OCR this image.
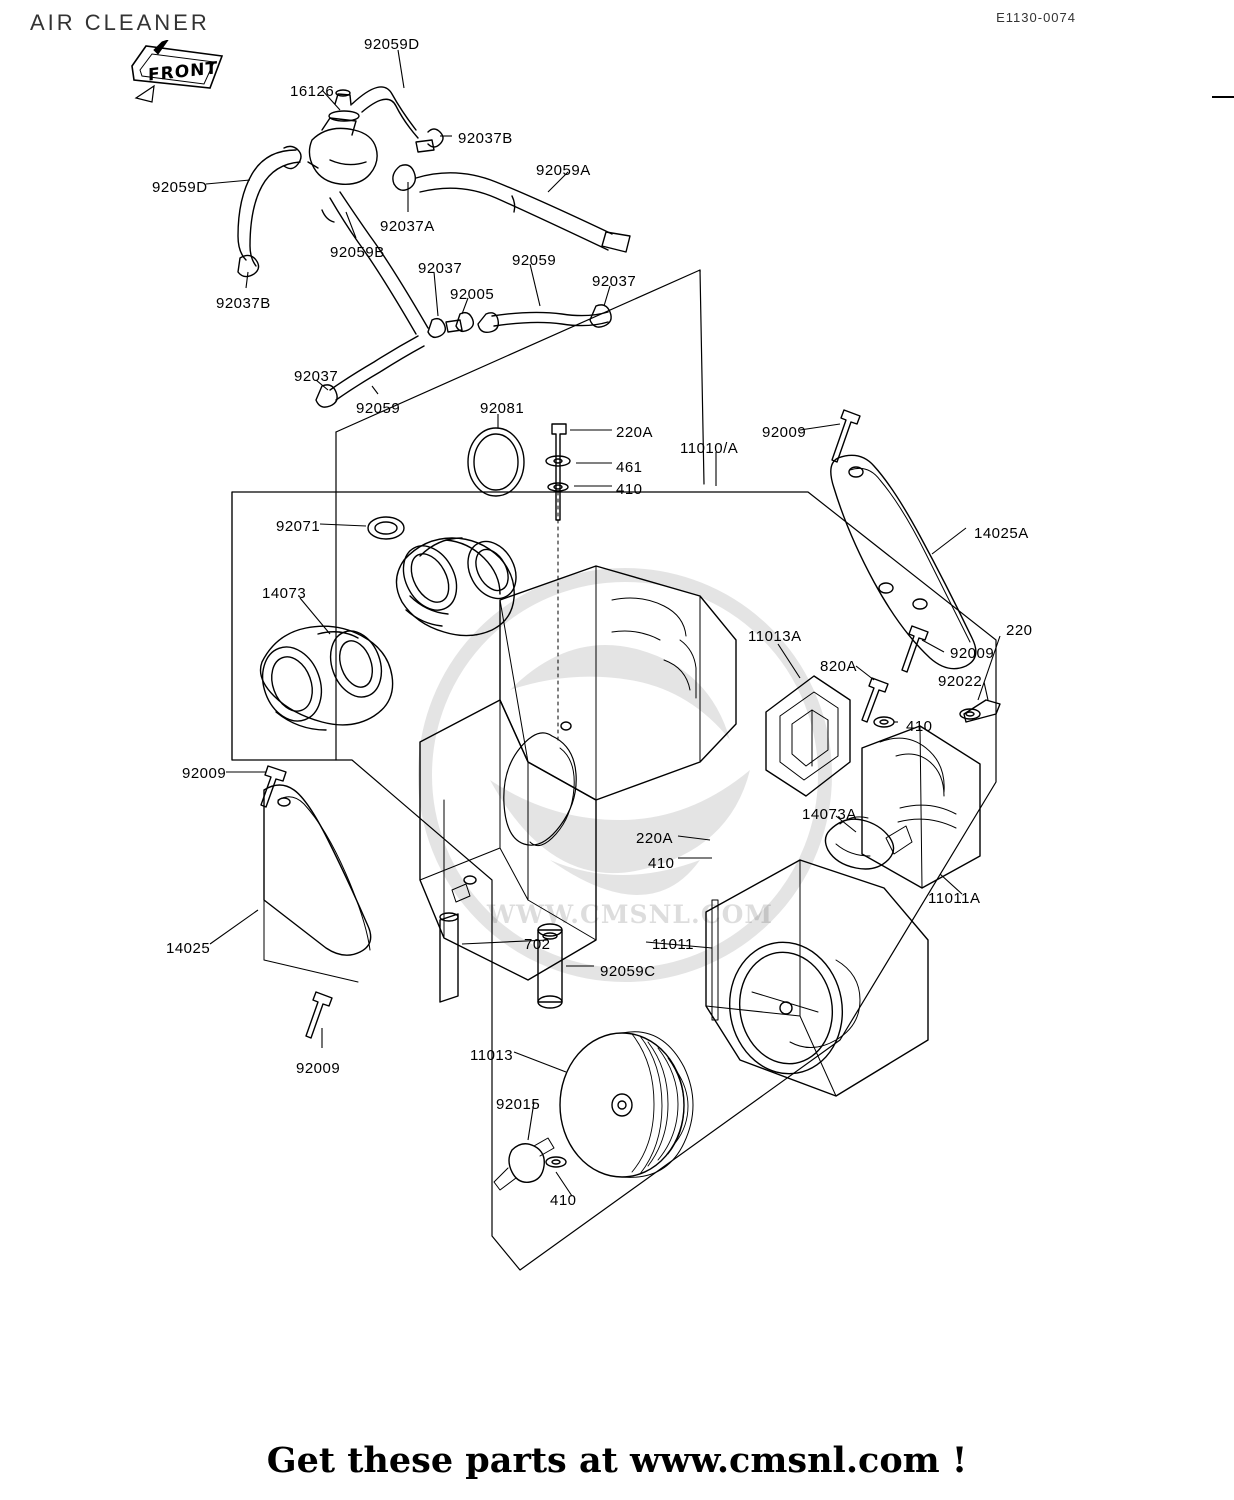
AIR CLEANER	E1130-0074
FRONT
WWW.CMSNL.COM
92059D
16126
92037B
92059A
92059D
92037A
92059B
92037	92059
92037
92005
92037B
92037
92059	92081
220A	92009
11010/A
461
410
92071	14025A
14073
11013A	220
820A
92009
92022
410
92009
14073A
220A
410
11011A
702	11011
14025
92059C
92009
11013
92015
410
Get these parts at www.cmsnl.com !
